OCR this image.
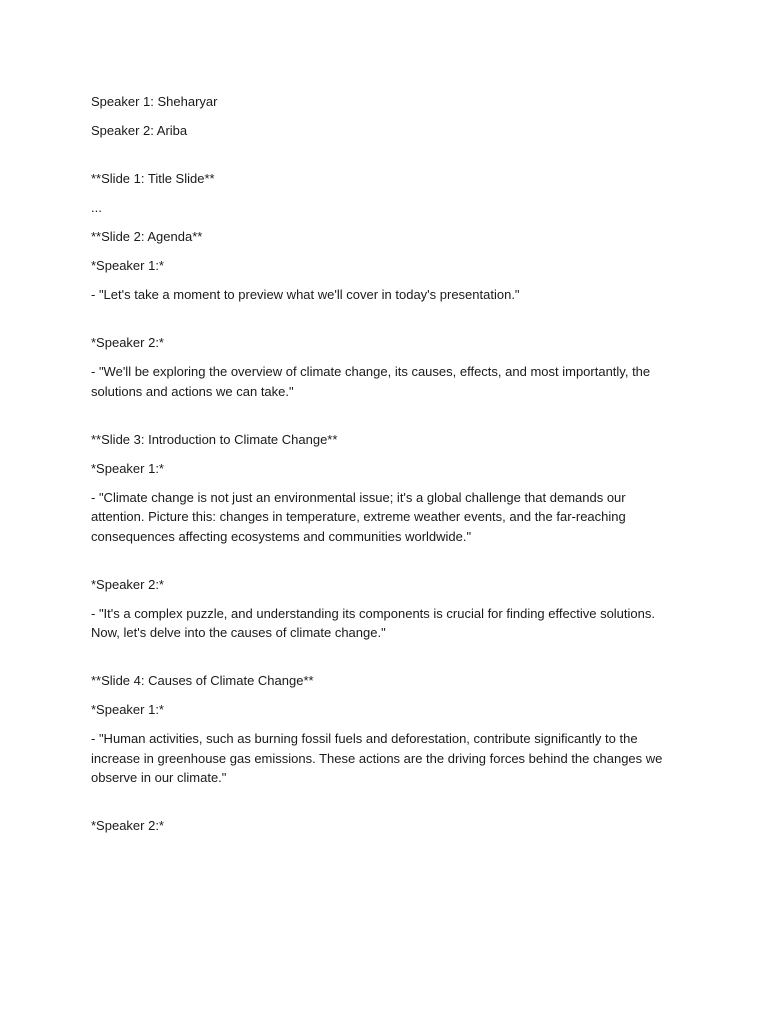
Speaker 1: Sheharyar

Speaker 2: Ariba

**Slide 1: Title Slide**

...

**Slide 2: Agenda**

*Speaker 1:*

- "Let's take a moment to preview what we'll cover in today's presentation."

*Speaker 2:*

- "We'll be exploring the overview of climate change, its causes, effects, and most importantly, the solutions and actions we can take."

**Slide 3: Introduction to Climate Change**

*Speaker 1:*

- "Climate change is not just an environmental issue; it's a global challenge that demands our attention. Picture this: changes in temperature, extreme weather events, and the far-reaching consequences affecting ecosystems and communities worldwide."

*Speaker 2:*

- "It's a complex puzzle, and understanding its components is crucial for finding effective solutions. Now, let's delve into the causes of climate change."

**Slide 4: Causes of Climate Change**

*Speaker 1:*

- "Human activities, such as burning fossil fuels and deforestation, contribute significantly to the increase in greenhouse gas emissions. These actions are the driving forces behind the changes we observe in our climate."

*Speaker 2:*
